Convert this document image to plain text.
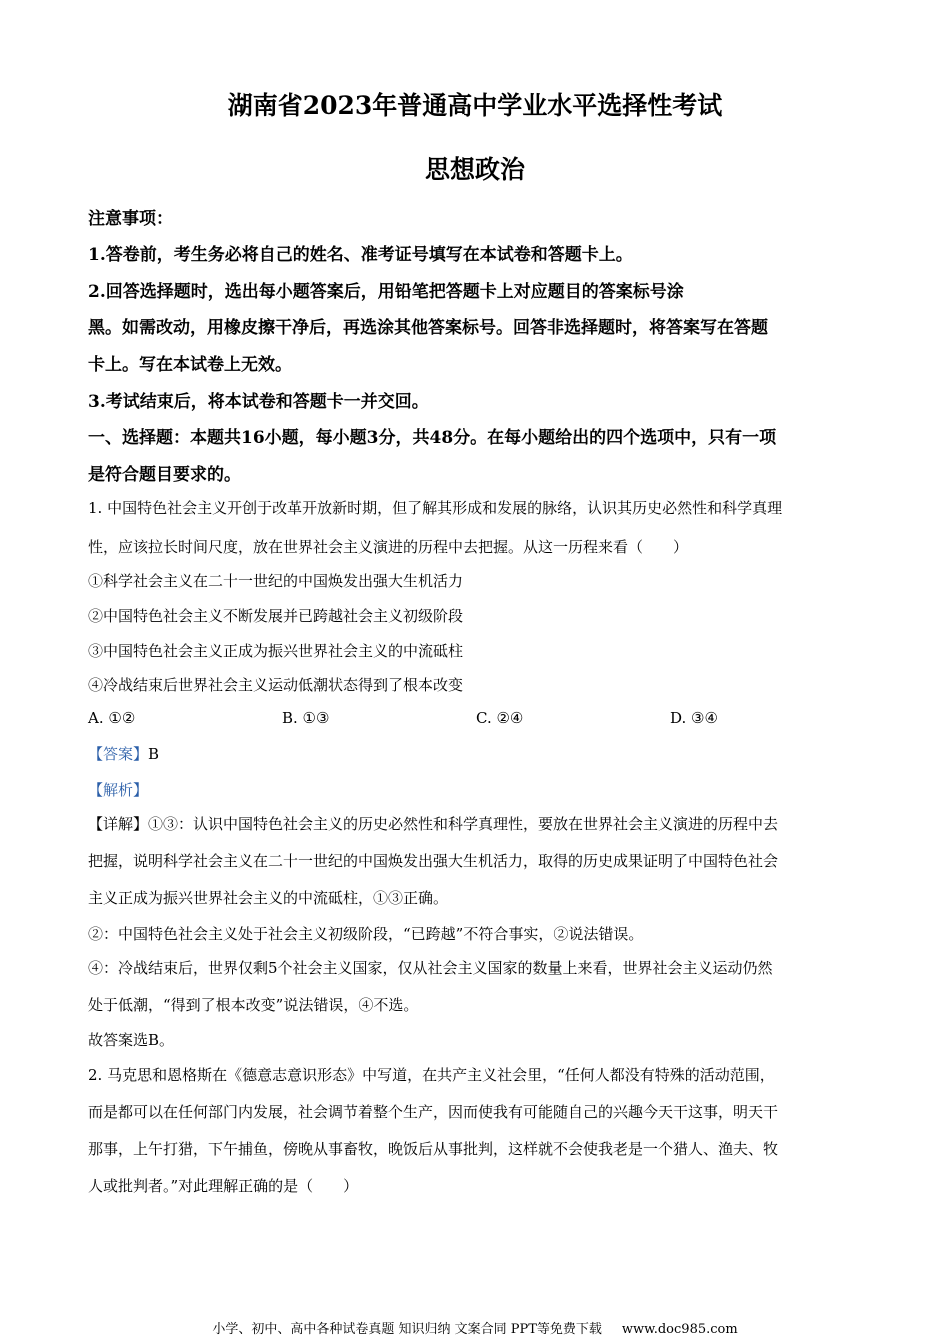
湖南省2023年普通高中学业水平选择性考试
思想政治
注意事项：
1.答卷前，考生务必将自己的姓名、准考证号填写在本试卷和答题卡上。
2.回答选择题时，选出每小题答案后，用铅笔把答题卡上对应题目的答案标号涂
黑。如需改动，用橡皮擦干净后，再选涂其他答案标号。回答非选择题时，将答案写在答题
卡上。写在本试卷上无效。
3.考试结束后，将本试卷和答题卡一并交回。
一、选择题：本题共16小题，每小题3分，共48分。在每小题给出的四个选项中，只有一项
是符合题目要求的。
1. 中国特色社会主义开创于改革开放新时期，但了解其形成和发展的脉络，认识其历史必然性和科学真理
性，应该拉长时间尺度，放在世界社会主义演进的历程中去把握。从这一历程来看（　　）
①科学社会主义在二十一世纪的中国焕发出强大生机活力
②中国特色社会主义不断发展并已跨越社会主义初级阶段
③中国特色社会主义正成为振兴世界社会主义的中流砥柱
④冷战结束后世界社会主义运动低潮状态得到了根本改变
【答案】B
【解析】
【详解】①③：认识中国特色社会主义的历史必然性和科学真理性，要放在世界社会主义演进的历程中去
把握，说明科学社会主义在二十一世纪的中国焕发出强大生机活力，取得的历史成果证明了中国特色社会
主义正成为振兴世界社会主义的中流砥柱，①③正确。
②：中国特色社会主义处于社会主义初级阶段，“已跨越”不符合事实，②说法错误。
④：冷战结束后，世界仅剩5个社会主义国家，仅从社会主义国家的数量上来看，世界社会主义运动仍然
处于低潮，“得到了根本改变”说法错误，④不选。
故答案选B。
A. ①②	B. ①③	C. ②④	D. ③④
2. 马克思和恩格斯在《德意志意识形态》中写道，在共产主义社会里，“任何人都没有特殊的活动范围，
而是都可以在任何部门内发展，社会调节着整个生产，因而使我有可能随自己的兴趣今天干这事，明天干
那事，上午打猎，下午捕鱼，傍晚从事畜牧，晚饭后从事批判，这样就不会使我老是一个猎人、渔夫、牧
人或批判者。”对此理解正确的是（　　）
小学、初中、高中各种试卷真题 知识归纳 文案合同 PPT等免费下载 www.doc985.com
